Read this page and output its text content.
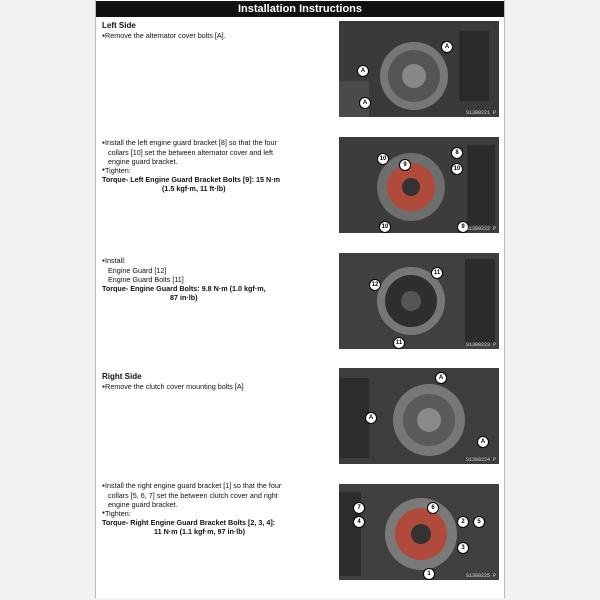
Installation Instructions
Left Side
● Remove the alternator cover bolts [A].
A
A
A
S1380221 P
● Install the left engine guard bracket [8] so that the four
collars [10] set the between alternator cover and left
engine guard bracket.
● Tighten:
Torque- Left Engine Guard Bracket Bolts [9]: 15 N·m
(1.5 kgf·m, 11 ft·lb)
10
9
8
10
9
10	S1380222 P
● Install:
Engine Guard [12]
Engine Guard Bolts [11]
Torque- Engine Guard Bolts: 9.8 N·m (1.0 kgf·m,
87 in·lb)
12
11
11	S1380223 P
Right Side
● Remove the clutch cover mounting bolts [A]
A
A
A
S1380224 P
● Install the right engine guard bracket [1] so that the four
collars [5, 6, 7] set the between clutch cover and right
engine guard bracket.
● Tighten:
Torque- Right Engine Guard Bracket Bolts [2, 3, 4]:
11 N·m (1.1 kgf·m, 97 in·lb)
7
4
6
2	5
3
1	S1380225 P
